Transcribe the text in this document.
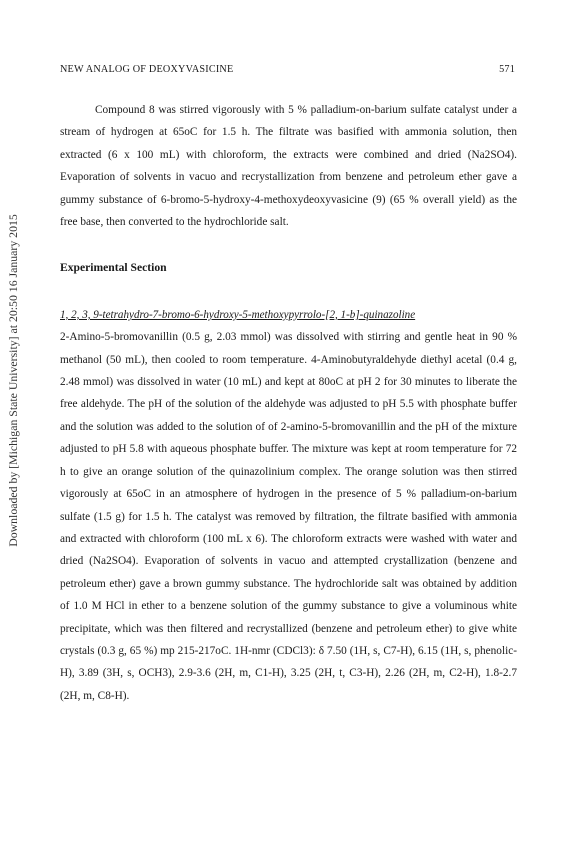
Downloaded by [Michigan State University] at 20:50 16 January 2015
NEW ANALOG OF DEOXYVASICINE	571

Compound 8 was stirred vigorously with 5 % palladium-on-barium sulfate catalyst under a stream of hydrogen at 65oC for 1.5 h. The filtrate was basified with ammonia solution, then extracted (6 x 100 mL) with chloroform, the extracts were combined and dried (Na2SO4). Evaporation of solvents in vacuo and recrystallization from benzene and petroleum ether gave a gummy substance of 6-bromo-5-hydroxy-4-methoxydeoxyvasicine (9) (65 % overall yield) as the free base, then converted to the hydrochloride salt.

Experimental Section

1, 2, 3, 9-tetrahydro-7-bromo-6-hydroxy-5-methoxypyrrolo-[2, 1-b]-quinazoline

2-Amino-5-bromovanillin (0.5 g, 2.03 mmol) was dissolved with stirring and gentle heat in 90 % methanol (50 mL), then cooled to room temperature. 4-Aminobutyraldehyde diethyl acetal (0.4 g, 2.48 mmol) was dissolved in water (10 mL) and kept at 80oC at pH 2 for 30 minutes to liberate the free aldehyde. The pH of the solution of the aldehyde was adjusted to pH 5.5 with phosphate buffer and the solution was added to the solution of of 2-amino-5-bromovanillin and the pH of the mixture adjusted to pH 5.8 with aqueous phosphate buffer. The mixture was kept at room temperature for 72 h to give an orange solution of the quinazolinium complex. The orange solution was then stirred vigorously at 65oC in an atmosphere of hydrogen in the presence of 5 % palladium-on-barium sulfate (1.5 g) for 1.5 h. The catalyst was removed by filtration, the filtrate basified with ammonia and extracted with chloroform (100 mL x 6). The chloroform extracts were washed with water and dried (Na2SO4). Evaporation of solvents in vacuo and attempted crystallization (benzene and petroleum ether) gave a brown gummy substance. The hydrochloride salt was obtained by addition of 1.0 M HCl in ether to a benzene solution of the gummy substance to give a voluminous white precipitate, which was then filtered and recrystallized (benzene and petroleum ether) to give white crystals (0.3 g, 65 %) mp 215-217oC. 1H-nmr (CDCl3): δ 7.50 (1H, s, C7-H), 6.15 (1H, s, phenolic-H), 3.89 (3H, s, OCH3), 2.9-3.6 (2H, m, C1-H), 3.25 (2H, t, C3-H), 2.26 (2H, m, C2-H), 1.8-2.7 (2H, m, C8-H).
